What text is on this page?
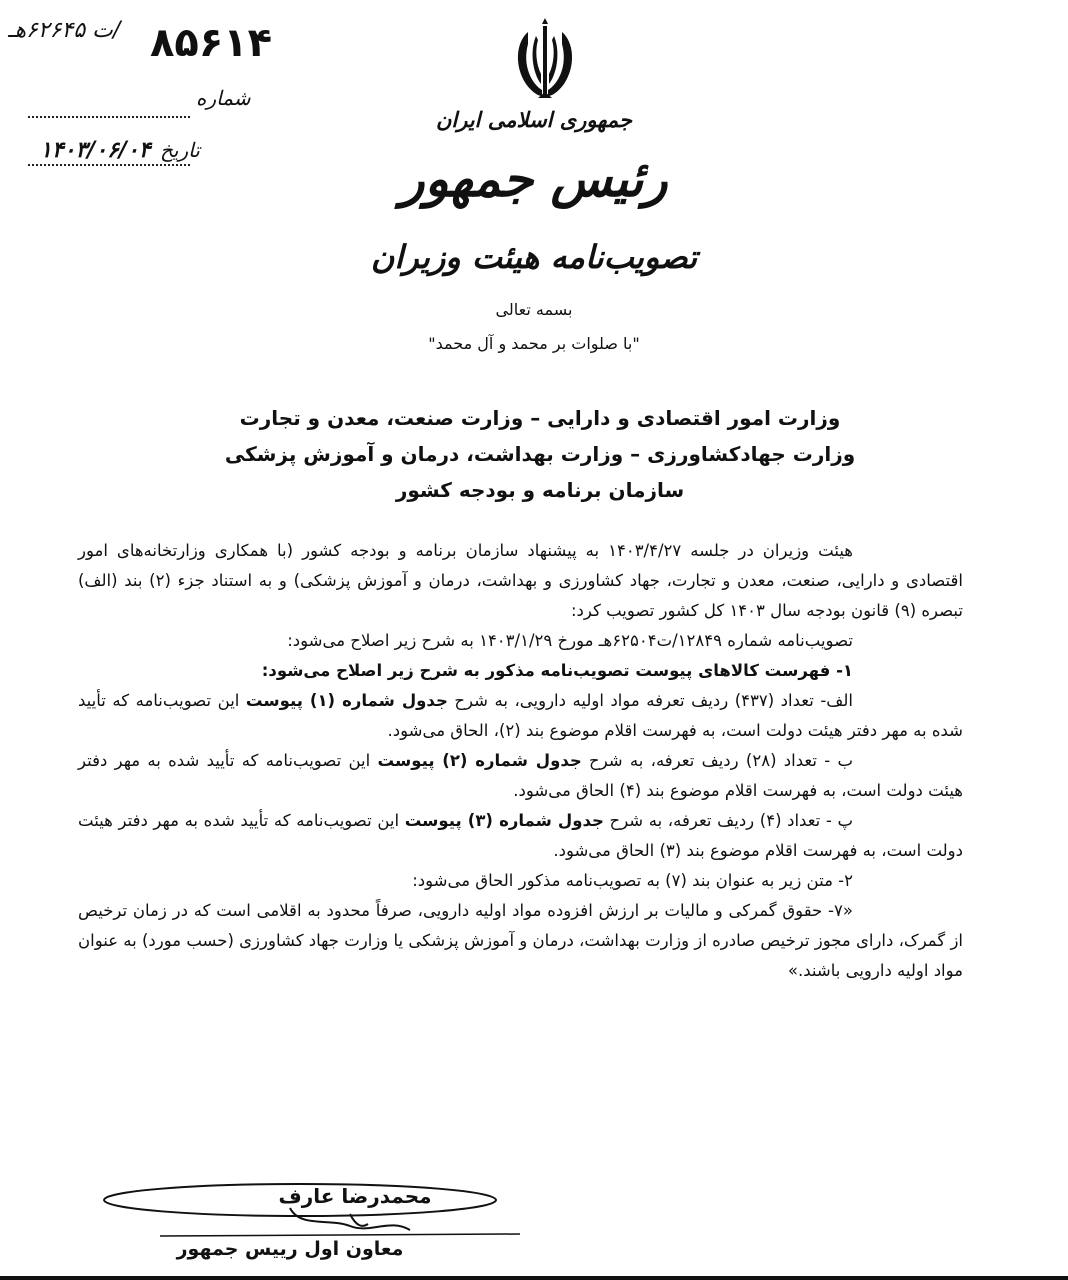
۸۵۶۱۴
/ت ۶۲۶۴۵هـ
شماره
تاریخ
۱۴۰۳/۰۶/۰۴
جمهوری اسلامی ایران
رئیس جمهور
تصویب‌نامه هیئت وزیران
بسمه تعالی
"با صلوات بر محمد و آل محمد"
وزارت امور اقتصادی و دارایی – وزارت صنعت، معدن و تجارت
وزارت جهادکشاورزی – وزارت بهداشت، درمان و آموزش پزشکی
سازمان برنامه و بودجه کشور

هیئت وزیران در جلسه ۱۴۰۳/۴/۲۷ به پیشنهاد سازمان برنامه و بودجه کشور (با همکاری وزارتخانه‌های امور اقتصادی و دارایی، صنعت، معدن و تجارت، جهاد کشاورزی و بهداشت، درمان و آموزش پزشکی) و به استناد جزء (۲) بند (الف) تبصره (۹) قانون بودجه سال ۱۴۰۳ کل کشور تصویب کرد:

تصویب‌نامه شماره ۱۲۸۴۹/ت۶۲۵۰۴هـ مورخ ۱۴۰۳/۱/۲۹ به شرح زیر اصلاح می‌شود:

۱- فهرست کالاهای پیوست تصویب‌نامه مذکور به شرح زیر اصلاح می‌شود:

الف- تعداد (۴۳۷) ردیف تعرفه مواد اولیه دارویی، به شرح جدول شماره (۱) پیوست این تصویب‌نامه که تأیید شده به مهر دفتر هیئت دولت است، به فهرست اقلام موضوع بند (۲)، الحاق می‌شود.

ب - تعداد (۲۸) ردیف تعرفه، به شرح جدول شماره (۲) پیوست این تصویب‌نامه که تأیید شده به مهر دفتر هیئت دولت است، به فهرست اقلام موضوع بند (۴) الحاق می‌شود.

پ - تعداد (۴) ردیف تعرفه، به شرح جدول شماره (۳) پیوست این تصویب‌نامه که تأیید شده به مهر دفتر هیئت دولت است، به فهرست اقلام موضوع بند (۳) الحاق می‌شود.

۲- متن زیر به عنوان بند (۷) به تصویب‌نامه مذکور الحاق می‌شود:

«۷- حقوق گمرکی و مالیات بر ارزش افزوده مواد اولیه دارویی، صرفاً محدود به اقلامی است که در زمان ترخیص از گمرک، دارای مجوز ترخیص صادره از وزارت بهداشت، درمان و آموزش پزشکی یا وزارت جهاد کشاورزی (حسب مورد) به عنوان مواد اولیه دارویی باشند.»

محمدرضا عارف
معاون اول رییس جمهور
